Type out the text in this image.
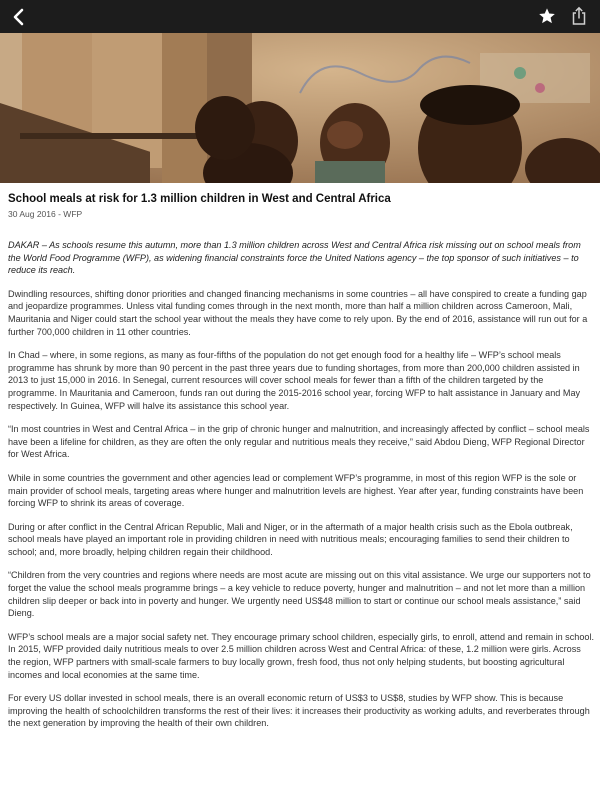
School meals at risk for 1.3 million children in West and Central Africa
30 Aug 2016 - WFP

DAKAR – As schools resume this autumn, more than 1.3 million children across West and Central Africa risk missing out on school meals from the World Food Programme (WFP), as widening financial constraints force the United Nations agency – the top sponsor of such initiatives – to reduce its reach.

Dwindling resources, shifting donor priorities and changed financing mechanisms in some countries – all have conspired to create a funding gap and jeopardize programmes. Unless vital funding comes through in the next month, more than half a million children across Cameroon, Mali, Mauritania and Niger could start the school year without the meals they have come to rely upon. By the end of 2016, assistance will run out for a further 700,000 children in 11 other countries.

In Chad – where, in some regions, as many as four-fifths of the population do not get enough food for a healthy life – WFP’s school meals programme has shrunk by more than 90 percent in the past three years due to funding shortages, from more than 200,000 children assisted in 2013 to just 15,000 in 2016. In Senegal, current resources will cover school meals for fewer than a fifth of the children targeted by the programme. In Mauritania and Cameroon, funds ran out during the 2015-2016 school year, forcing WFP to halt assistance in January and May respectively. In Guinea, WFP will halve its assistance this school year.

“In most countries in West and Central Africa – in the grip of chronic hunger and malnutrition, and increasingly affected by conflict – school meals have been a lifeline for children, as they are often the only regular and nutritious meals they receive,” said Abdou Dieng, WFP Regional Director for West Africa.

While in some countries the government and other agencies lead or complement WFP’s programme, in most of this region WFP is the sole or main provider of school meals, targeting areas where hunger and malnutrition levels are highest. Year after year, funding constraints have been forcing WFP to shrink its areas of coverage.

During or after conflict in the Central African Republic, Mali and Niger, or in the aftermath of a major health crisis such as the Ebola outbreak, school meals have played an important role in providing children in need with nutritious meals; encouraging families to send their children to school; and, more broadly, helping children regain their childhood.

“Children from the very countries and regions where needs are most acute are missing out on this vital assistance. We urge our supporters not to forget the value the school meals programme brings – a key vehicle to reduce poverty, hunger and malnutrition – and not let more than a million children slip deeper or back into in poverty and hunger. We urgently need US$48 million to start or continue our school meals assistance,” said Dieng.

WFP’s school meals are a major social safety net. They encourage primary school children, especially girls, to enroll, attend and remain in school. In 2015, WFP provided daily nutritious meals to over 2.5 million children across West and Central Africa: of these, 1.2 million were girls. Across the region, WFP partners with small-scale farmers to buy locally grown, fresh food, thus not only helping students, but boosting agricultural incomes and local economies at the same time.

For every US dollar invested in school meals, there is an overall economic return of US$3 to US$8, studies by WFP show. This is because improving the health of schoolchildren transforms the rest of their lives: it increases their productivity as working adults, and reverberates through the next generation by improving the health of their own children.
